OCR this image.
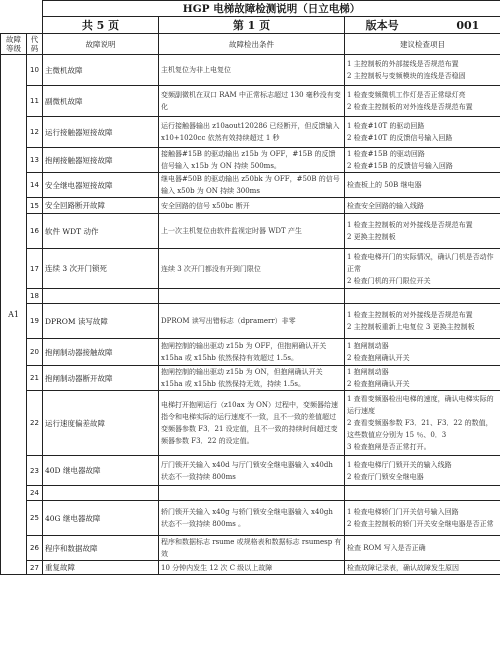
		HGP 电梯故障检测说明（日立电梯）		
		共 5 页	第 1 页	版本号 001
故障
等级	代
码	故障说明	故障检出条件	建议检查项目
A1	10	主微机故障	主机复位为非上电复位	1 主控制板的外部接线是否规范布置
2 主控制板与变频模块的连线是否稳固
	11	副微机故障	变频副微机在双口 RAM 中正常标志超过 130 毫秒没有变化	1 检查变频微机工作灯是否正常绿灯亮
2 检查主控制板的对外连线是否规范布置
	12	运行接触器短接故障	运行接触器输出 z10aout120286 已经断开，但反馈输入 x10+1020cc 依然有效持续超过 1 秒	1 检查#10T 的驱动回路
2 检查#10T 的反馈信号输入回路
	13	抱闸接触器短接故障	接触器#15B 的驱动输出 z15b 为 OFF，#15B 的反馈信号输入 x15b 为 ON 持续 500ms。	1 检查#15B 的驱动回路
2 检查#15B 的反馈信号输入回路
	14	安全继电器短接故障	继电器#50B 的驱动输出 z50bk 为 OFF，#50B 的信号输入 x50b 为 ON 持续 300ms	检查板上的 50B 继电器
	15	安全回路断开故障	安全回路的信号 x50bc 断开	检查安全回路的输入线路
	16	软件 WDT 动作	上一次主机复位由软件监视定时器 WDT 产生	1 检查主控制板的对外接线是否规范布置
2 更换主控制板
	17	连续 3 次开门锁死	连续 3 次开门都没有开到门限位	1 检查电梯开门的实际情况，确认门机是否动作正常
2 检查门机的开门限位开关
	18			
	19	DPROM 读写故障	DPROM 读写出错标志（dpramerr）非零	1 检查主控制板的对外接线是否规范布置
2 主控制板重新上电复位 3 更换主控制板
	20	抱闸制动器接触故障	抱闸控制的输出驱动 z15b 为 OFF，但抱闸确认开关 x15ha 或 x15hb 依然保持有效超过 1.5s。	1 抱闸制动器
2 检查抱闸确认开关
	21	抱闸制动器断开故障	抱闸控制的输出驱动 z15b 为 ON，但抱闸确认开关 x15ha 或 x15hb 依然保持无效，持续 1.5s。	1 抱闸制动器
2 检查抱闸确认开关
	22	运行速度偏差故障	电梯打开抱闸运行（z10ax 为 ON）过程中，变频器给速指令和电梯实际的运行速度不一致，且不一致的差值超过变频器参数 F3．21 设定值，且不一致的持续时间超过变频器参数 F3．22 的设定值。	1 查看变频器检出电梯的速度，确认电梯实际的运行速度
2 查看变频器参数 F3．21、F3．22 的数值，这些数值应分别为 15 ％、0．3
3 检查抱闸是否正常打开。
	23	40D 继电器故障	厅门锁开关输入 x40d 与厅门锁安全继电器输入 x40dh 状态不一致持续 800ms	1 检查电梯厅门锁开关的输入线路
2 检查厅门锁安全继电器
	24			
	25	40G 继电器故障	轿门锁开关输入 x40g 与轿门锁安全继电器输入 x40gh 状态不一致持续 800ms 。	1 检查电梯轿门门开关信号输入回路
2 检查主控制板的轿门开关安全继电器是否正常
	26	程序和数据故障	程序和数据标志 rsume 或规格表和数据标志 rsumesp 有效	检查 ROM 写入是否正确
	27	重复故障	10 分钟内发生 12 次 C 级以上故障	检查故障记录表，确认故障发生原因
